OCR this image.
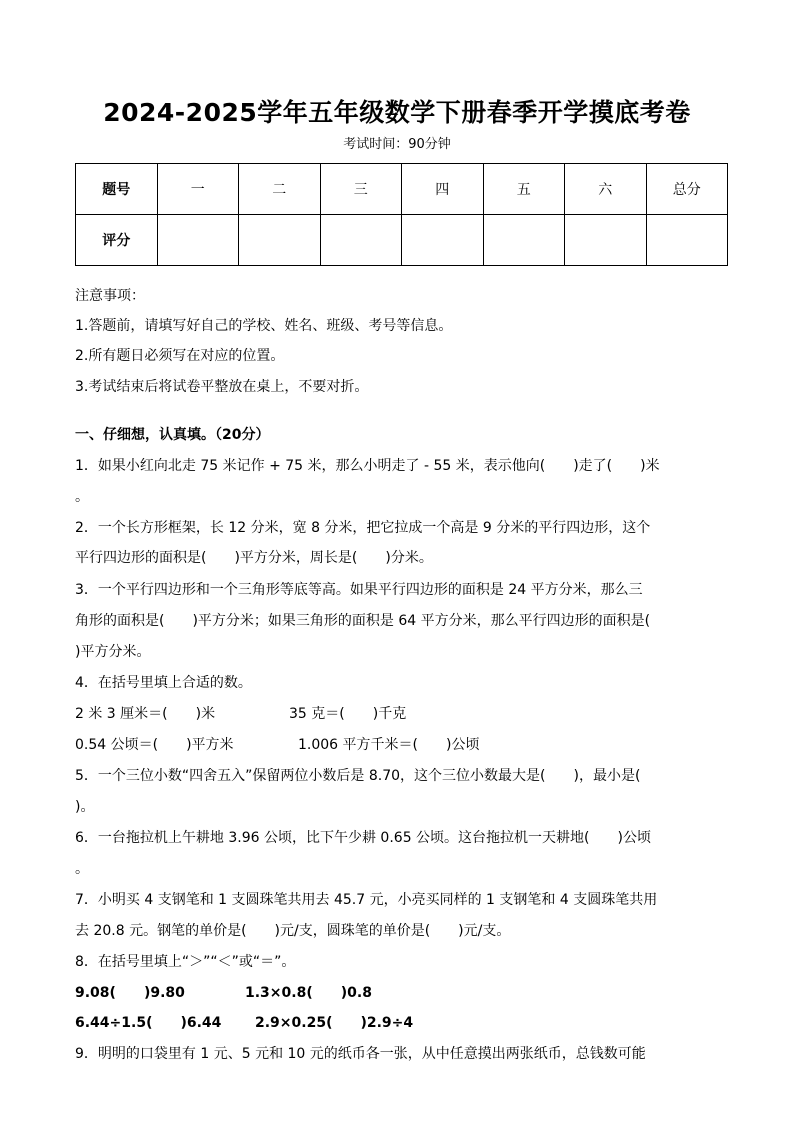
2024-2025学年五年级数学下册春季开学摸底考卷
考试时间：90分钟
题号	一	二	三	四	五	六	总分
评分							
注意事项：
1.答题前，请填写好自己的学校、姓名、班级、考号等信息。
2.所有题日必须写在对应的位置。
3.考试结束后将试卷平整放在桌上，不要对折。
一、仔细想，认真填。（20分）
1．如果小红向北走 75 米记作 + 75 米，那么小明走了 - 55 米，表示他向(　　)走了(　　)米
。
2．一个长方形框架，长 12 分米，宽 8 分米，把它拉成一个高是 9 分米的平行四边形，这个
平行四边形的面积是(　　)平方分米，周长是(　　)分米。
3．一个平行四边形和一个三角形等底等高。如果平行四边形的面积是 24 平方分米，那么三
角形的面积是(　　)平方分米；如果三角形的面积是 64 平方分米，那么平行四边形的面积是(
)平方分米。
4．在括号里填上合适的数。
2 米 3 厘米＝(　　)米	35 克＝(　　)千克
0.54 公顷＝(　　)平方米	1.006 平方千米＝(　　)公顷
5．一个三位小数“四舍五入”保留两位小数后是 8.70，这个三位小数最大是(　　)，最小是(
)。
6．一台拖拉机上午耕地 3.96 公顷，比下午少耕 0.65 公顷。这台拖拉机一天耕地(　　)公顷
。
7．小明买 4 支钢笔和 1 支圆珠笔共用去 45.7 元，小亮买同样的 1 支钢笔和 4 支圆珠笔共用
去 20.8 元。钢笔的单价是(　　)元/支，圆珠笔的单价是(　　)元/支。
8．在括号里填上“＞”“＜”或“＝”。
9.08(　　)9.80	1.3×0.8(　　)0.8
6.44÷1.5(　　)6.44 2.9×0.25(　　)2.9÷4
9．明明的口袋里有 1 元、5 元和 10 元的纸币各一张，从中任意摸出两张纸币，总钱数可能
